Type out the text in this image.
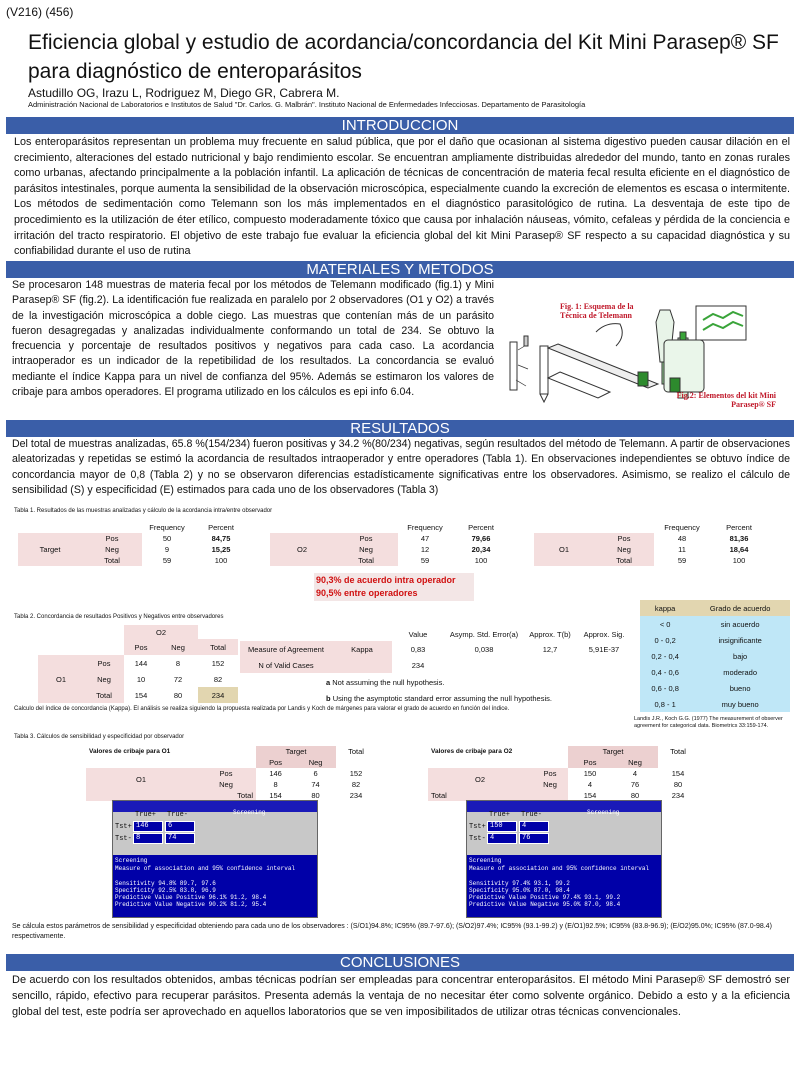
(V216) (456)
Eficiencia global y estudio de acordancia/concordancia del Kit Mini Parasep® SF para diagnóstico de enteroparásitos
Astudillo OG, Irazu L, Rodriguez M, Diego GR, Cabrera M.
Administración Nacional de Laboratorios e Institutos de Salud "Dr. Carlos. G. Malbrán". Instituto Nacional de Enfermedades Infecciosas. Departamento de Parasitología
INTRODUCCION
Los enteroparásitos representan un problema muy frecuente en salud pública, que por el daño que ocasionan al sistema digestivo pueden causar dilación en el crecimiento, alteraciones del estado nutricional y bajo rendimiento escolar. Se encuentran ampliamente distribuidas alrededor del mundo, tanto en zonas rurales como urbanas, afectando principalmente a la población infantil. La aplicación de técnicas de concentración de materia fecal resulta eficiente en el diagnóstico de parásitos intestinales, porque aumenta la sensibilidad de la observación microscópica, especialmente cuando la excreción de elementos es escasa o intermitente. Los métodos de sedimentación como Telemann son los más implementados en el diagnóstico parasitológico de rutina. La desventaja de este tipo de procedimiento es la utilización de éter etílico, compuesto moderadamente tóxico que causa por inhalación náuseas, vómito, cefaleas y pérdida de la conciencia e irritación del tracto respiratorio. El objetivo de este trabajo fue evaluar la eficiencia global del kit Mini Parasep® SF respecto a su capacidad diagnóstica y su confiabilidad durante el uso de rutina
MATERIALES Y METODOS
Se procesaron 148 muestras de materia fecal por los métodos de Telemann modificado (fig.1) y Mini Parasep® SF (fig.2). La identificación fue realizada en paralelo por 2 observadores (O1 y O2) a través de la investigación microscópica a doble ciego. Las muestras que contenían más de un parásito fueron desagregadas y analizadas individualmente conformando un total de 234. Se obtuvo la frecuencia y porcentaje de resultados positivos y negativos para cada caso. La acordancia intraoperador es un indicador de la repetibilidad de los resultados. La concordancia se evaluó mediante el índice Kappa para un nivel de confianza del 95%. Además se estimaron los valores de cribaje para ambos operadores. El programa utilizado en los cálculos es epi info 6.04.
Fig. 1: Esquema de la Técnica de Telemann
Fig.2: Elementos del kit Mini Parasep® SF
RESULTADOS
Del total de muestras analizadas, 65.8 %(154/234) fueron positivas y 34.2 %(80/234) negativas, según resultados del método de Telemann. A partir de observaciones aleatorizadas y repetidas se estimó la acordancia de resultados intraoperador y entre operadores (Tabla 1). En observaciones independientes se obtuvo índice de concordancia mayor de 0,8 (Tabla 2) y no se observaron diferencias estadísticamente significativas entre los observadores. Asimismo, se realizo el cálculo de sensibilidad (S) y especificidad (E) estimados para cada uno de los observadores (Tabla 3)
Tabla 1. Resultados de las muestras analizadas y cálculo de la acordancia intra/entre observador
		Frequency	Percent
Target	Pos	50	84,75
	Neg	9	15,25
	Total	59	100
		Frequency	Percent
O2	Pos	47	79,66
	Neg	12	20,34
	Total	59	100
		Frequency	Percent
O1	Pos	48	81,36
	Neg	11	18,64
	Total	59	100
90,3% de acuerdo intra operador
90,5% entre operadores
kappa	Grado de acuerdo
< 0	sin acuerdo
0 - 0,2	insignificante
0,2 - 0,4	bajo
0,4 - 0,6	moderado
0,6 - 0,8	bueno
0,8 - 1	muy bueno
Landis J.R., Koch G.G. (1977) The measurement of observer agreement for categorical data. Biometrics 33:159-174.
Tabla 2. Concordancia de resultados Positivos y Negativos entre observadores
		O2		
		Pos	Neg	Total
O1	Pos	144	8	152
	Neg	10	72	82
	Total	154	80	234
		Value	Asymp. Std. Error(a)	Approx. T(b)	Approx. Sig.
Measure of Agreement	Kappa	0,83	0,038	12,7	5,91E-37
N of Valid Cases		234			
a Not assuming the null hypothesis.
b Using the asymptotic standard error assuming the null hypothesis.
Calculo del índice de concordancia (Kappa). El análisis se realiza siguiendo la propuesta realizada por Landis y Koch de márgenes para valorar el grado de acuerdo en función del índice.
Tabla 3. Cálculos de sensibilidad y especificidad por observador
Valores de cribaje para O1		Target		Total
		Pos	Neg	
O1	Pos	146	6	152
	Neg	8	74	82
Total		154	80	234
Valores de cribaje para O2		Target		Total
		Pos	Neg	
O2	Pos	150	4	154
	Neg	4	76	80
Total		154	80	234
Screening
True+ True-
Tst+
Tst-
146	6
8	74
Screening
Measure of association and 95% confidence interval
Sensitivity 94.8% 89.7, 97.6
Specificity 92.5% 83.8, 96.9
Predictive Value Positive 96.1% 91.2, 98.4
Predictive Value Negative 90.2% 81.2, 95.4
Screening
True+ True-
Tst+
Tst-
150	4
4	76
Screening
Measure of association and 95% confidence interval
Sensitivity 97.4% 93.1, 99.2
Specificity 95.0% 87.0, 98.4
Predictive Value Positive 97.4% 93.1, 99.2
Predictive Value Negative 95.0% 87.0, 98.4
Se cálcula estos parámetros de sensibilidad y especificidad obteniendo para cada uno de los observadores : (S/O1)94.8%; IC95% (89.7-97.6); (S/O2)97.4%; IC95% (93.1-99.2) y (E/O1)92.5%; IC95% (83.8-96.9); (E/O2)95.0%; IC95% (87.0-98.4) respectivamente.
CONCLUSIONES
De acuerdo con los resultados obtenidos, ambas técnicas podrían ser empleadas para concentrar enteroparásitos. El método Mini Parasep® SF demostró ser sencillo, rápido, efectivo para recuperar parásitos. Presenta además la ventaja de no necesitar éter como solvente orgánico. Debido a esto y a la eficiencia global del test, este podría ser aprovechado en aquellos laboratorios que se ven imposibilitados de utilizar otras técnicas convencionales.
